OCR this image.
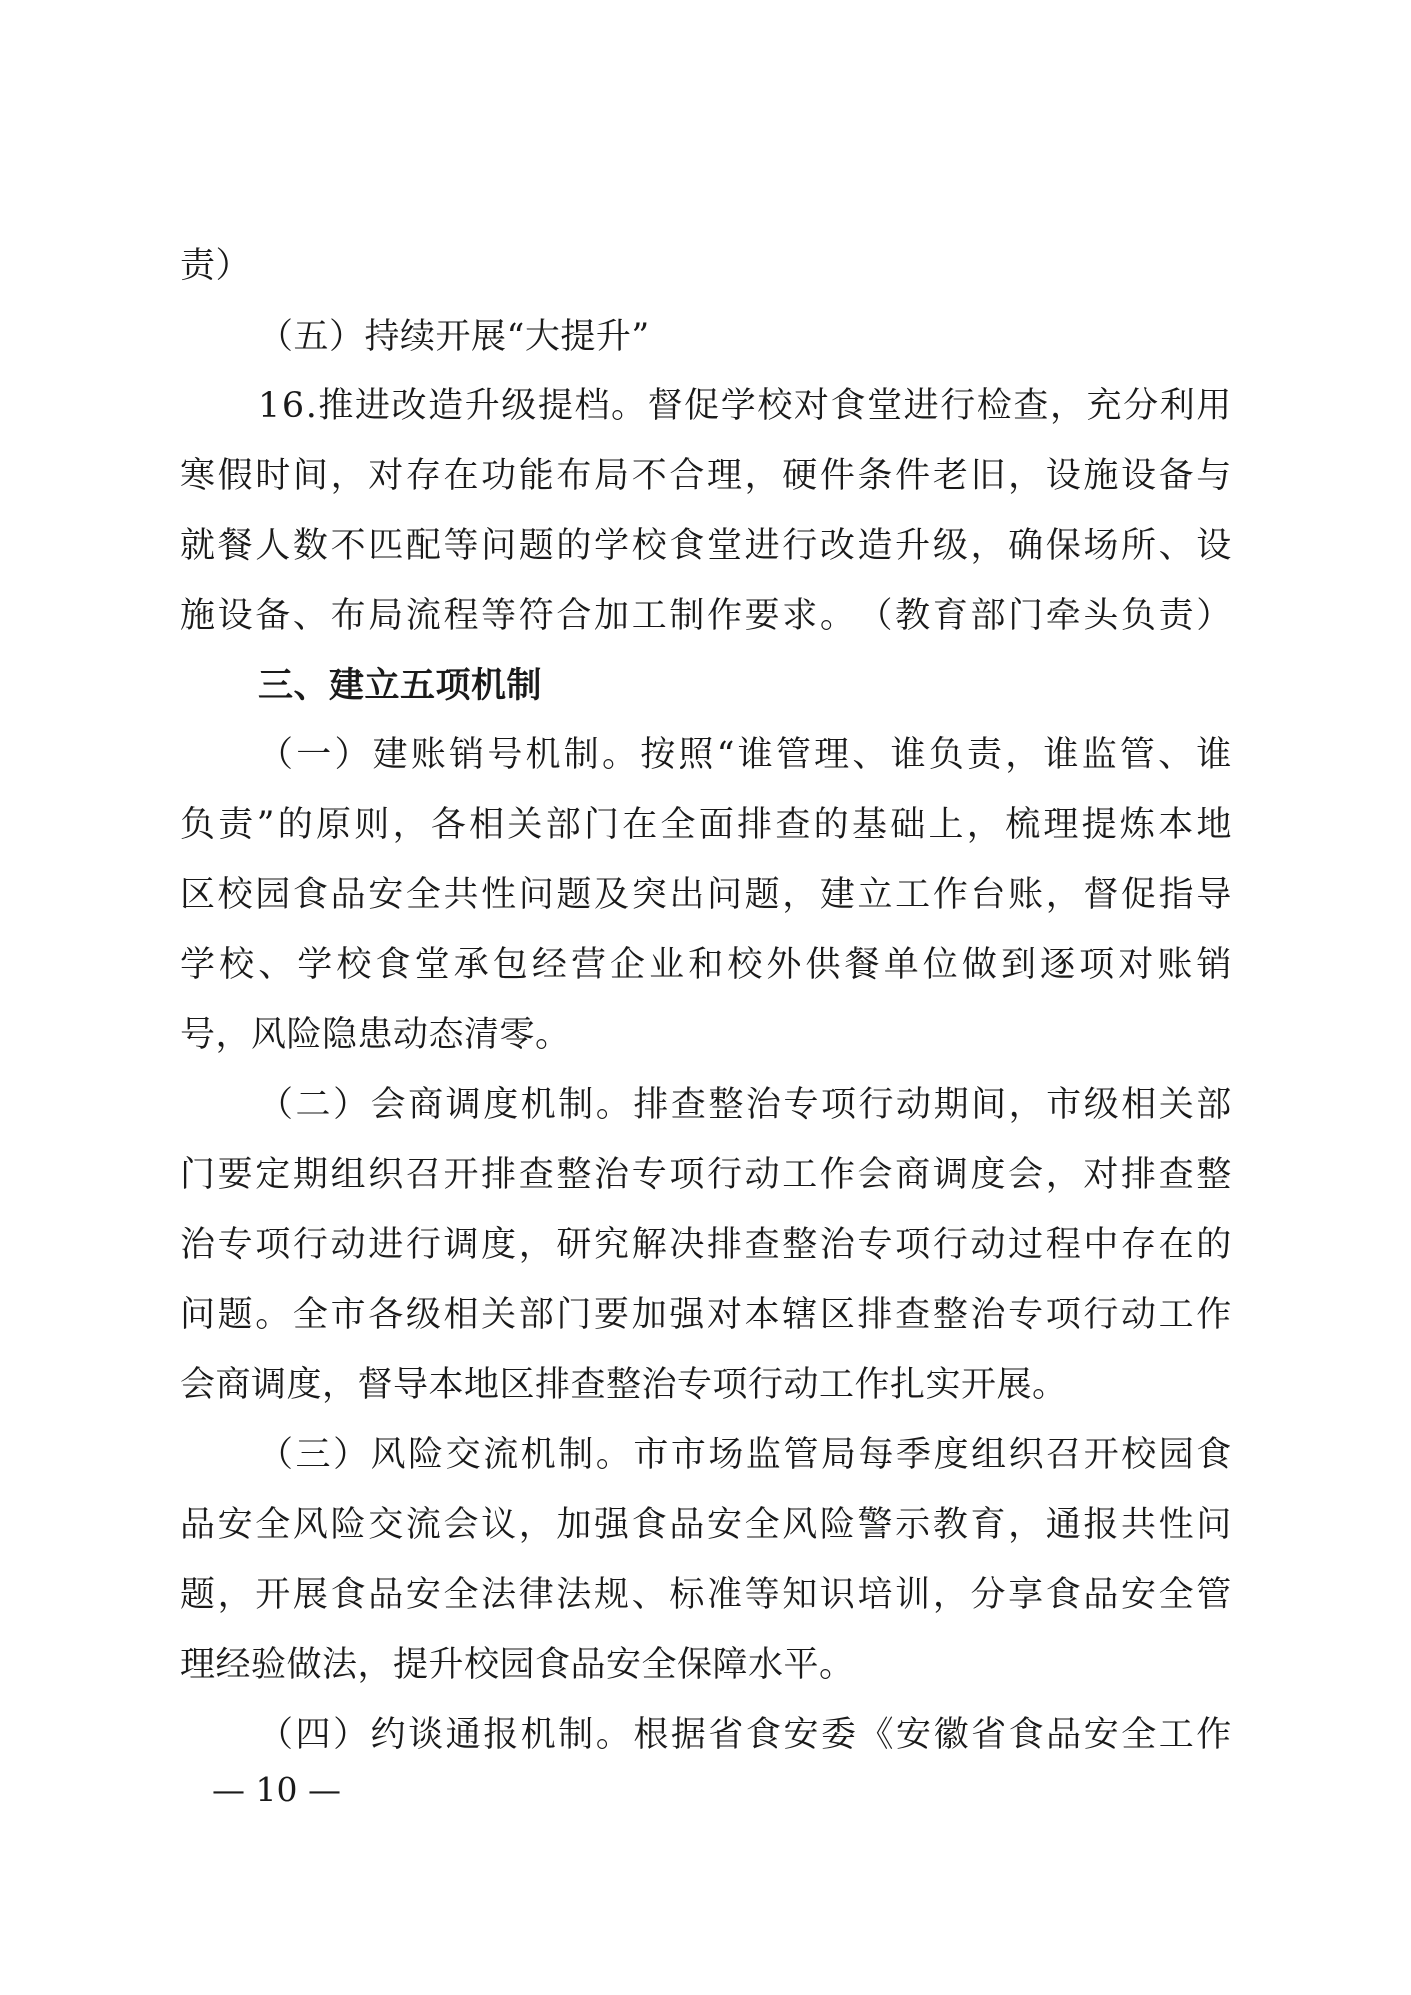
责）
（五）持续开展“大提升”
1 6 . 推 进 改 造 升 级 提 档 。 督 促 学 校 对 食 堂 进 行 检 查 ， 充 分 利 用
寒 假 时 间 ， 对 存 在 功 能 布 局 不 合 理 ， 硬 件 条 件 老 旧 ， 设 施 设 备 与
就 餐 人 数 不 匹 配 等 问 题 的 学 校 食 堂 进 行 改 造 升 级 ， 确 保 场 所 、 设
施 设 备 、 布 局 流 程 等 符 合 加 工 制 作 要 求 。 （ 教 育 部 门 牵 头 负 责 ）
三、建立五项机制
（ 一 ） 建 账 销 号 机 制 。 按 照 “ 谁 管 理 、 谁 负 责 ， 谁 监 管 、 谁
负 责 ” 的 原 则 ， 各 相 关 部 门 在 全 面 排 查 的 基 础 上 ， 梳 理 提 炼 本 地
区 校 园 食 品 安 全 共 性 问 题 及 突 出 问 题 ， 建 立 工 作 台 账 ， 督 促 指 导
学 校 、 学 校 食 堂 承 包 经 营 企 业 和 校 外 供 餐 单 位 做 到 逐 项 对 账 销
号，风险隐患动态清零。
（ 二 ） 会 商 调 度 机 制 。 排 查 整 治 专 项 行 动 期 间 ， 市 级 相 关 部
门 要 定 期 组 织 召 开 排 查 整 治 专 项 行 动 工 作 会 商 调 度 会 ， 对 排 查 整
治 专 项 行 动 进 行 调 度 ， 研 究 解 决 排 查 整 治 专 项 行 动 过 程 中 存 在 的
问 题 。 全 市 各 级 相 关 部 门 要 加 强 对 本 辖 区 排 查 整 治 专 项 行 动 工 作
会商调度，督导本地区排查整治专项行动工作扎实开展。
（ 三 ） 风 险 交 流 机 制 。 市 市 场 监 管 局 每 季 度 组 织 召 开 校 园 食
品 安 全 风 险 交 流 会 议 ， 加 强 食 品 安 全 风 险 警 示 教 育 ， 通 报 共 性 问
题 ， 开 展 食 品 安 全 法 律 法 规 、 标 准 等 知 识 培 训 ， 分 享 食 品 安 全 管
理经验做法，提升校园食品安全保障水平。
（ 四 ） 约 谈 通 报 机 制 。 根 据 省 食 安 委 《 安 徽 省 食 品 安 全 工 作
— 10 —
